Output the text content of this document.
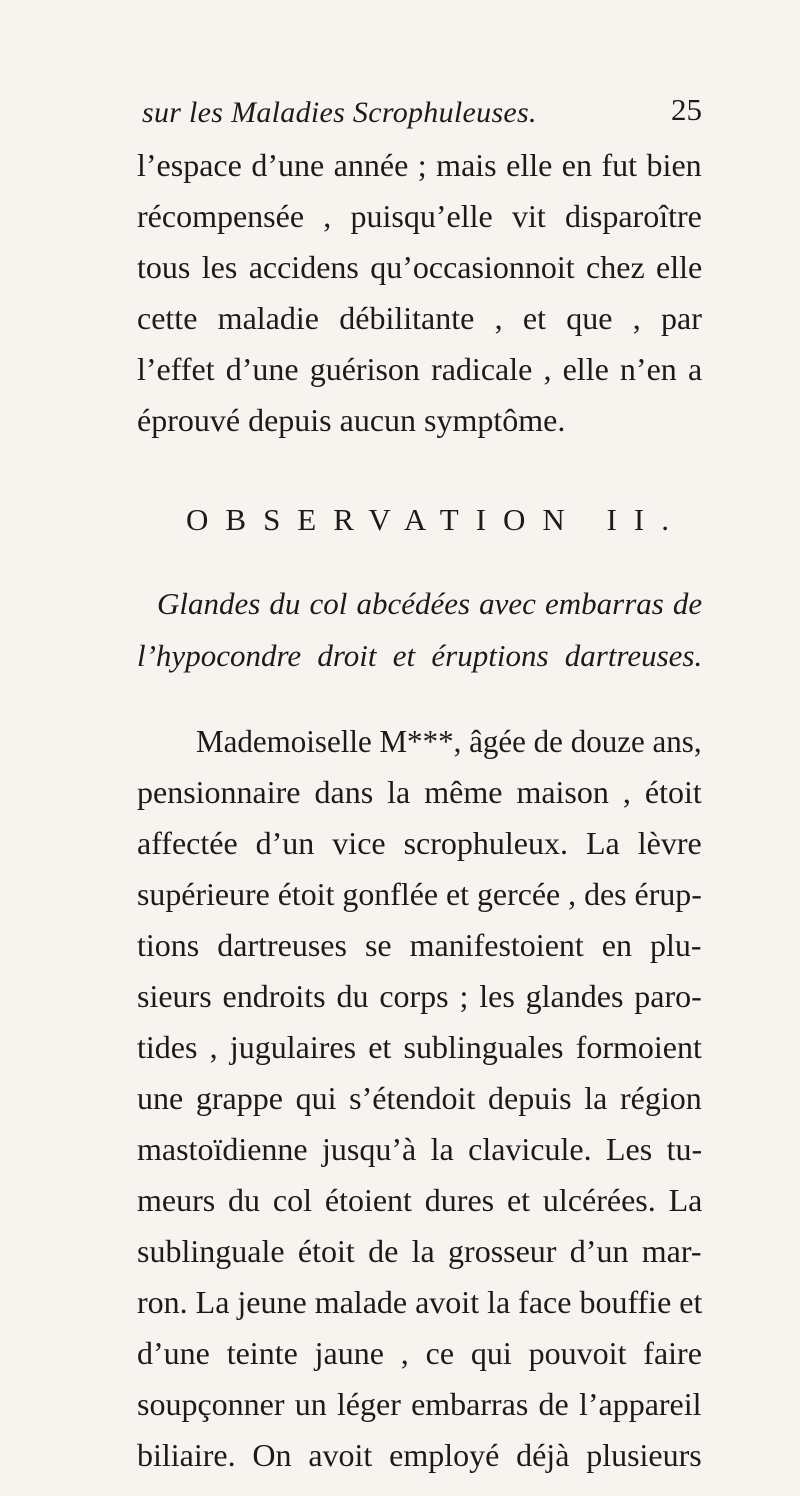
sur les Maladies Scrophuleuses.	25
l’espace d’une année ; mais elle en fut bien
récompensée , puisqu’elle vit disparoître
tous les accidens qu’occasionnoit chez elle
cette maladie débilitante , et que , par
l’effet d’une guérison radicale , elle n’en a
éprouvé depuis aucun symptôme.
OBSERVATION II.
Glandes du col abcédées avec embarras de
l’hypocondre droit et éruptions dartreuses.
Mademoiselle M***, âgée de douze ans,
pensionnaire dans la même maison , étoit
affectée d’un vice scrophuleux. La lèvre
supérieure étoit gonflée et gercée , des érup-
tions dartreuses se manifestoient en plu-
sieurs endroits du corps ; les glandes paro-
tides , jugulaires et sublinguales formoient
une grappe qui s’étendoit depuis la région
mastoïdienne jusqu’à la clavicule. Les tu-
meurs du col étoient dures et ulcérées. La
sublinguale étoit de la grosseur d’un mar-
ron. La jeune malade avoit la face bouffie et
d’une teinte jaune , ce qui pouvoit faire
soupçonner un léger embarras de l’appareil
biliaire. On avoit employé déjà plusieurs
